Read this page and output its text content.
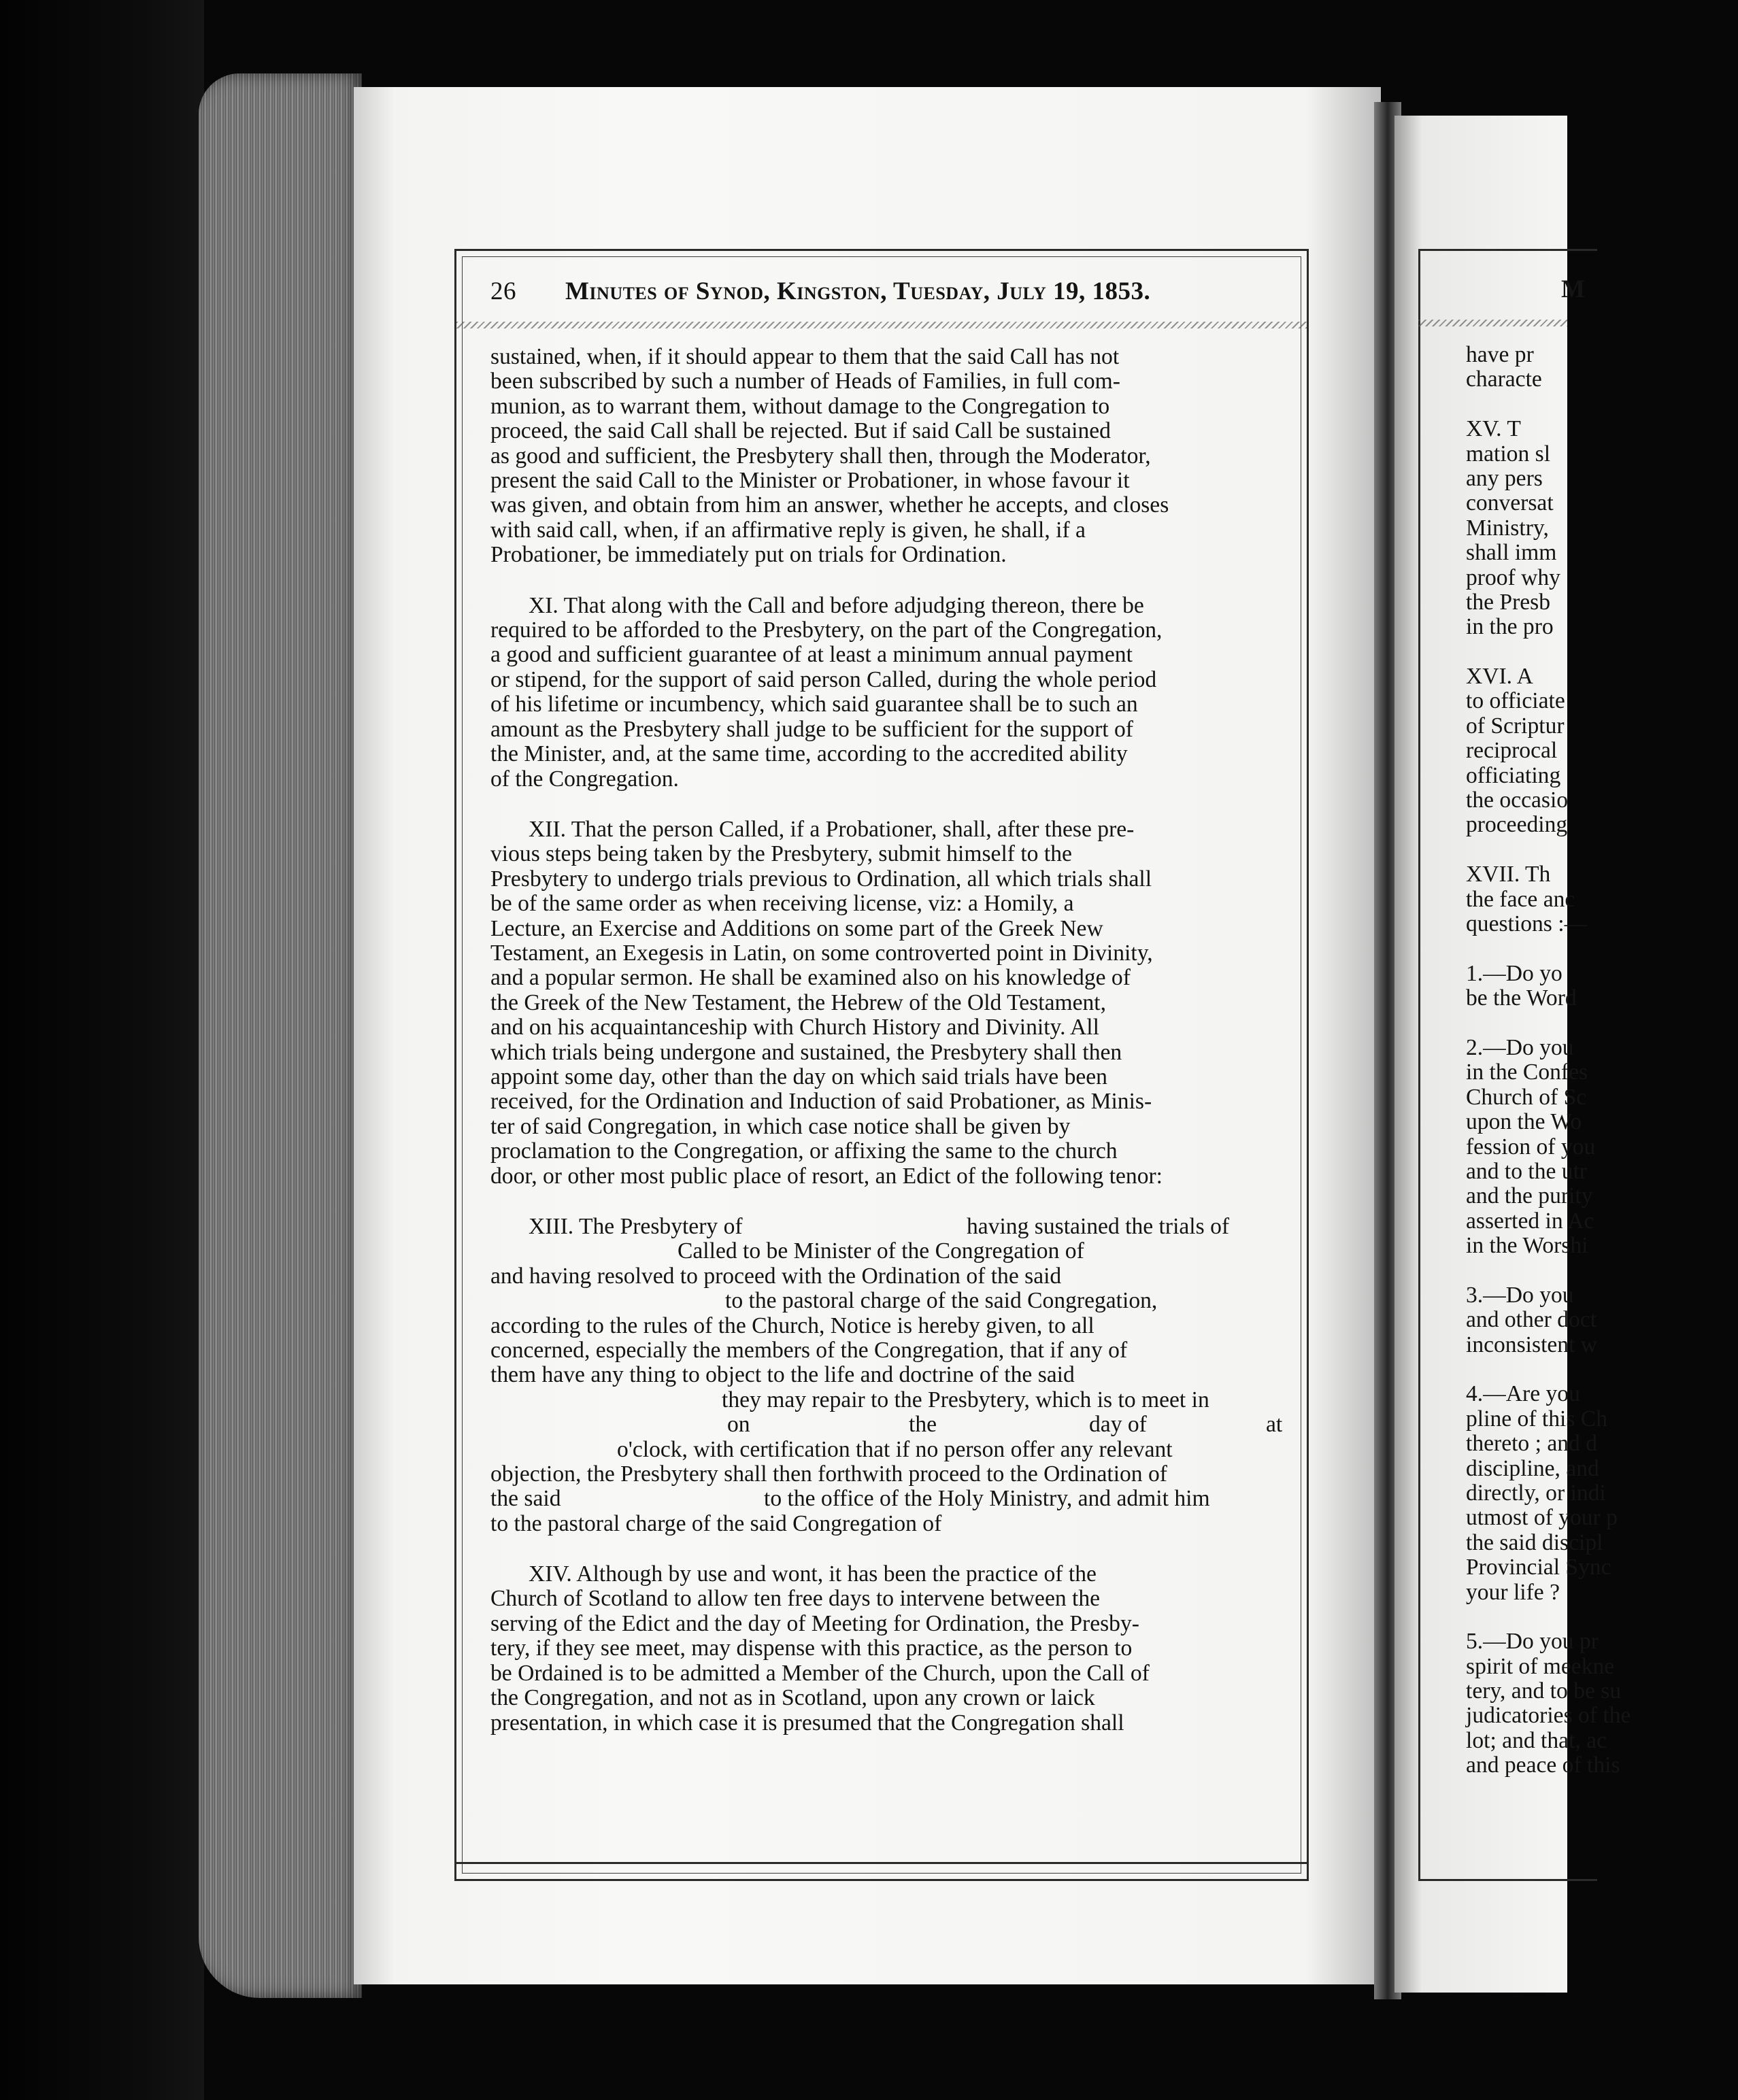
26 Minutes of Synod, Kingston, Tuesday, July 19, 1853.

sustained, when, if it should appear to them that the said Call has not
been subscribed by such a number of Heads of Families, in full com-
munion, as to warrant them, without damage to the Congregation to
proceed, the said Call shall be rejected. But if said Call be sustained
as good and sufficient, the Presbytery shall then, through the Moderator,
present the said Call to the Minister or Probationer, in whose favour it
was given, and obtain from him an answer, whether he accepts, and closes
with said call, when, if an affirmative reply is given, he shall, if a
Probationer, be immediately put on trials for Ordination.

XI. That along with the Call and before adjudging thereon, there be
required to be afforded to the Presbytery, on the part of the Congregation,
a good and sufficient guarantee of at least a minimum annual payment
or stipend, for the support of said person Called, during the whole period
of his lifetime or incumbency, which said guarantee shall be to such an
amount as the Presbytery shall judge to be sufficient for the support of
the Minister, and, at the same time, according to the accredited ability
of the Congregation.

XII. That the person Called, if a Probationer, shall, after these pre-
vious steps being taken by the Presbytery, submit himself to the
Presbytery to undergo trials previous to Ordination, all which trials shall
be of the same order as when receiving license, viz: a Homily, a
Lecture, an Exercise and Additions on some part of the Greek New
Testament, an Exegesis in Latin, on some controverted point in Divinity,
and a popular sermon. He shall be examined also on his knowledge of
the Greek of the New Testament, the Hebrew of the Old Testament,
and on his acquaintanceship with Church History and Divinity. All
which trials being undergone and sustained, the Presbytery shall then
appoint some day, other than the day on which said trials have been
received, for the Ordination and Induction of said Probationer, as Minis-
ter of said Congregation, in which case notice shall be given by
proclamation to the Congregation, or affixing the same to the church
door, or other most public place of resort, an Edict of the following tenor:

XIII. The Presbytery of	having sustained the trials of
Called to be Minister of the Congregation of
and having resolved to proceed with the Ordination of the said
to the pastoral charge of the said Congregation,
according to the rules of the Church, Notice is hereby given, to all
concerned, especially the members of the Congregation, that if any of
them have any thing to object to the life and doctrine of the said
they may repair to the Presbytery, which is to meet in
on	the	day of	at
o'clock, with certification that if no person offer any relevant
objection, the Presbytery shall then forthwith proceed to the Ordination of
the said	to the office of the Holy Ministry, and admit him
to the pastoral charge of the said Congregation of

XIV. Although by use and wont, it has been the practice of the
Church of Scotland to allow ten free days to intervene between the
serving of the Edict and the day of Meeting for Ordination, the Presby-
tery, if they see meet, may dispense with this practice, as the person to
be Ordained is to be admitted a Member of the Church, upon the Call of
the Congregation, and not as in Scotland, upon any crown or laick
presentation, in which case it is presumed that the Congregation shall

M
have pr
characte
XV. T
mation sl
any pers
conversat
Ministry,
shall imm
proof why
the Presb
in the pro
XVI. A
to officiate
of Scriptur
reciprocal
officiating
the occasio
proceeding
XVII. Th
the face anc
questions :—
1.—Do yo
be the Word
2.—Do you
in the Confes
Church of Sc
upon the Wo
fession of you
and to the utr
and the purity
asserted in Ac
in the Worshi
3.—Do you
and other doct
inconsistent w
4.—Are you
pline of this Ch
thereto ; and d
discipline, and
directly, or indi
utmost of your p
the said discipl
Provincial Sync
your life ?
5.—Do you pr
spirit of meekne
tery, and to be su
judicatories of the
lot; and that, ac
and peace of this
